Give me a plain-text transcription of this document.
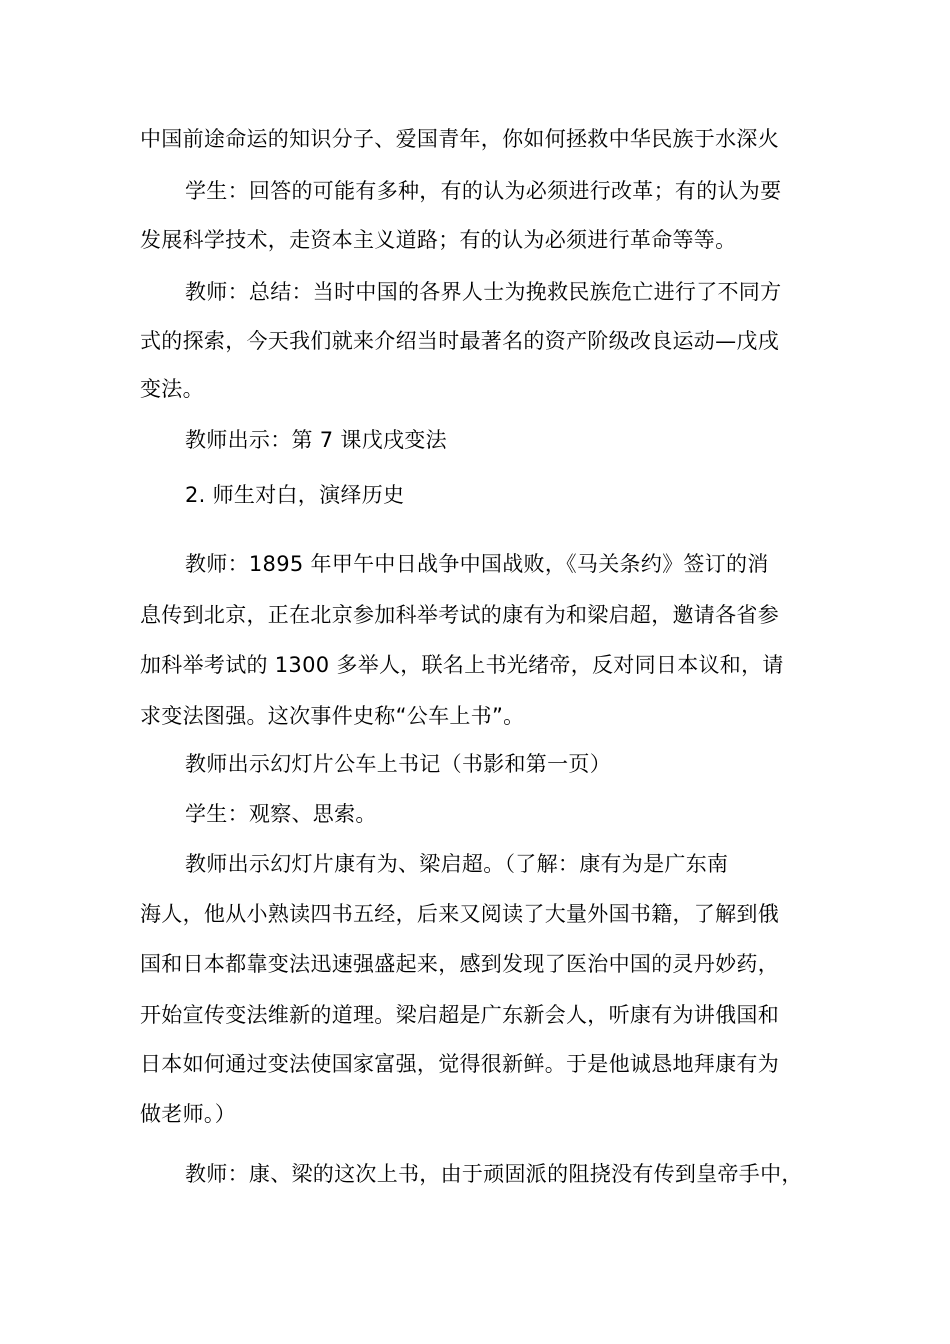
中国前途命运的知识分子、爱国青年，你如何拯救中华民族于水深火
学生：回答的可能有多种，有的认为必须进行改革；有的认为要
发展科学技术，走资本主义道路；有的认为必须进行革命等等。
教师：总结：当时中国的各界人士为挽救民族危亡进行了不同方
式的探索，今天我们就来介绍当时最著名的资产阶级改良运动—戊戌
变法。
教师出示：第 7 课戊戌变法
2. 师生对白，演绎历史
教师：1895 年甲午中日战争中国战败，《马关条约》签订的消
息传到北京，正在北京参加科举考试的康有为和梁启超，邀请各省参
加科举考试的 1300 多举人，联名上书光绪帝，反对同日本议和，请
求变法图强。这次事件史称“公车上书”。
教师出示幻灯片公车上书记（书影和第一页）
学生：观察、思索。
教师出示幻灯片康有为、梁启超。（了解：康有为是广东南
海人，他从小熟读四书五经，后来又阅读了大量外国书籍，了解到俄
国和日本都靠变法迅速强盛起来，感到发现了医治中国的灵丹妙药，
开始宣传变法维新的道理。梁启超是广东新会人，听康有为讲俄国和
日本如何通过变法使国家富强，觉得很新鲜。于是他诚恳地拜康有为
做老师。）
教师：康、梁的这次上书，由于顽固派的阻挠没有传到皇帝手中，
